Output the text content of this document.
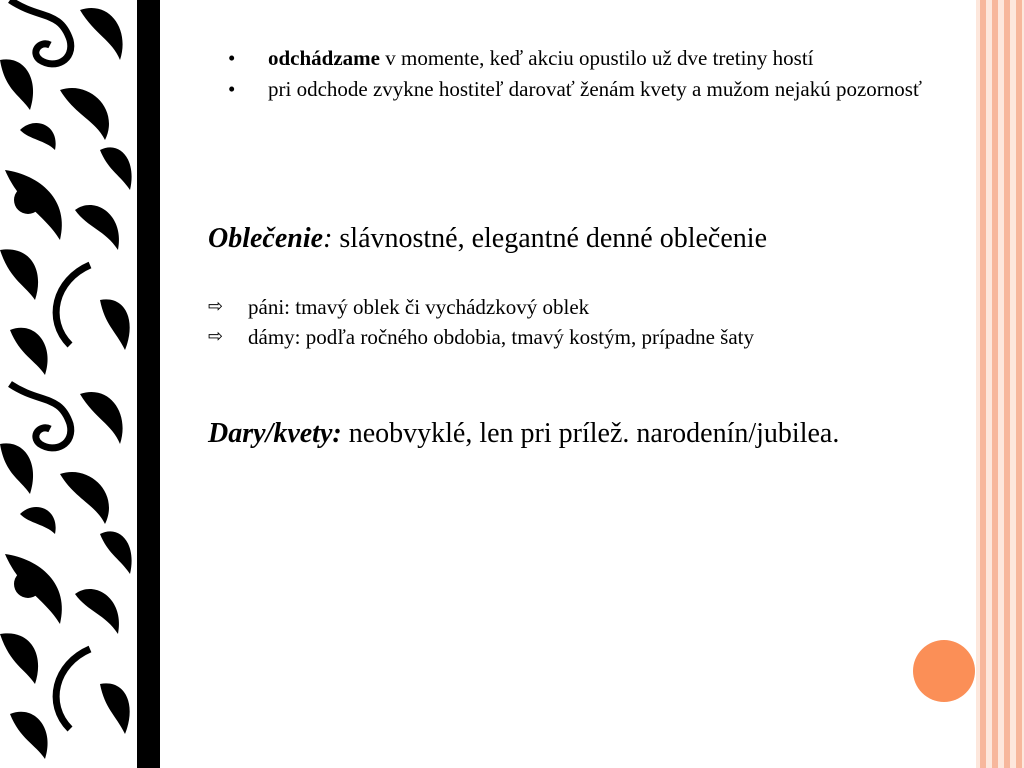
• odchádzame v momente, keď akciu opustilo už dve tretiny hostí
• pri odchode zvykne hostiteľ darovať ženám kvety a mužom nejakú pozornosť
Oblečenie: slávnostné, elegantné denné oblečenie
⇨ páni: tmavý oblek či vychádzkový oblek
⇨ dámy: podľa ročného obdobia, tmavý kostým, prípadne šaty
Dary/kvety: neobvyklé, len pri prílež. narodenín/jubilea.
